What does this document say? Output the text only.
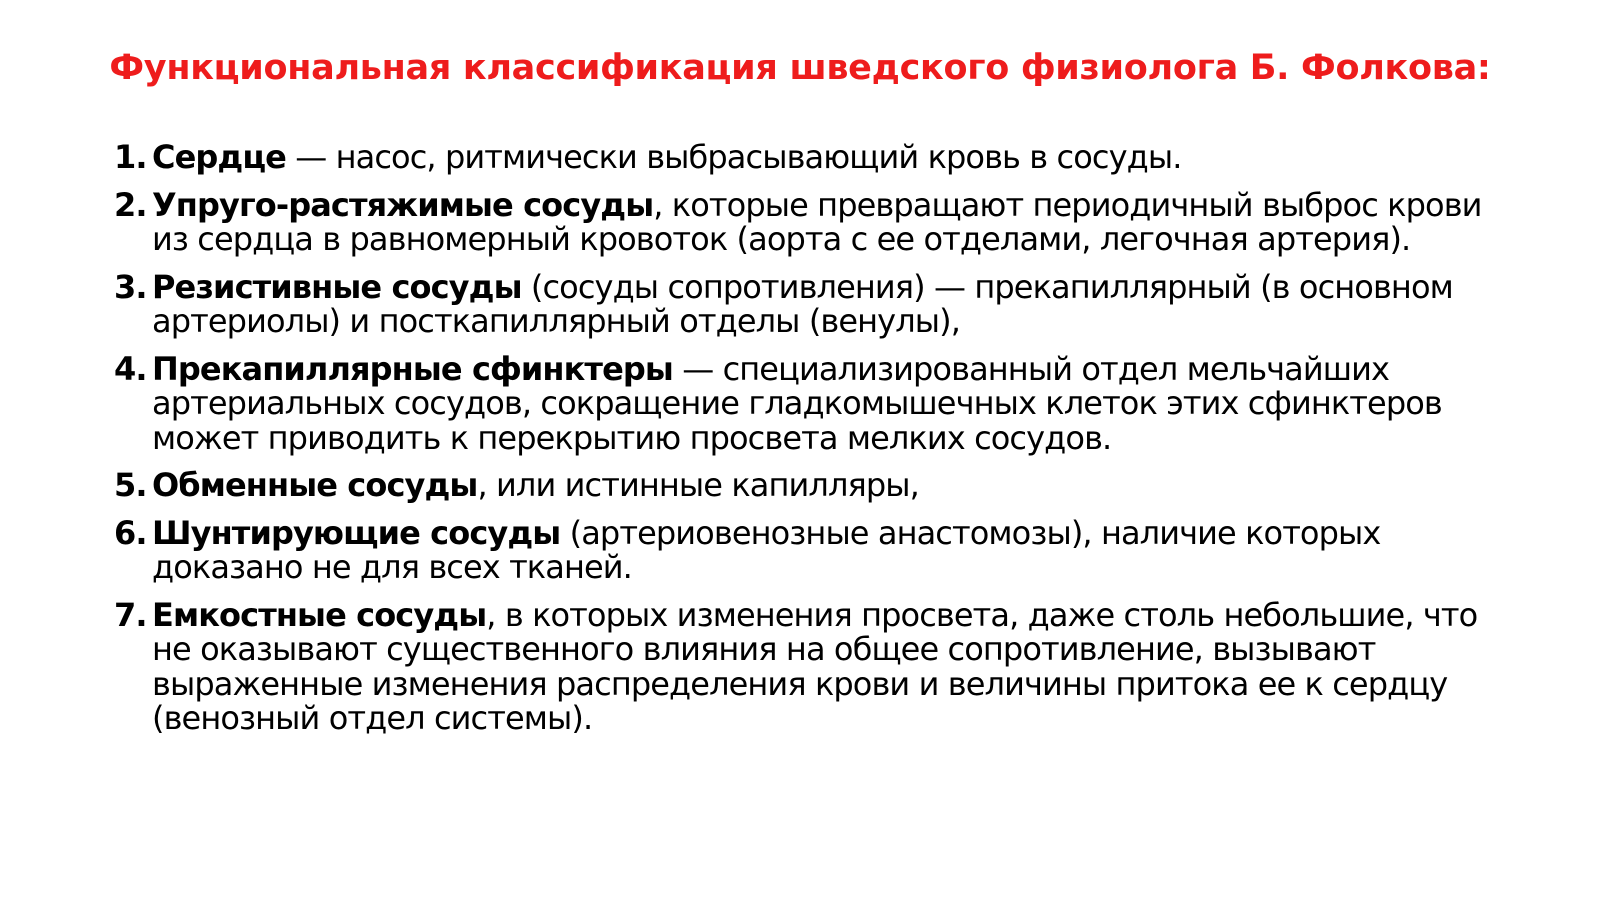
Функциональная классификация шведского физиолога Б. Фолкова:
1. Сердце — насос, ритмически выбрасывающий кровь в сосуды.
2. Упруго-растяжимые сосуды, которые превращают периодичный выброс крови из сердца в равномерный кровоток (аорта с ее отделами, легочная артерия).
3. Резистивные сосуды (сосуды сопротивления) — прекапиллярный (в основном артериолы) и посткапиллярный отделы (венулы),
4. Прекапиллярные сфинктеры — специализированный отдел мельчайших артериальных сосудов, сокращение гладкомышечных клеток этих сфинктеров может приводить к перекрытию просвета мелких сосудов.
5. Обменные сосуды, или истинные капилляры,
6. Шунтирующие сосуды (артериовенозные анастомозы), наличие которых доказано не для всех тканей.
7. Емкостные сосуды, в которых изменения просвета, даже столь небольшие, что не оказывают существенного влияния на общее сопротивление, вызывают выраженные изменения распределения крови и величины притока ее к сердцу (венозный отдел системы).
